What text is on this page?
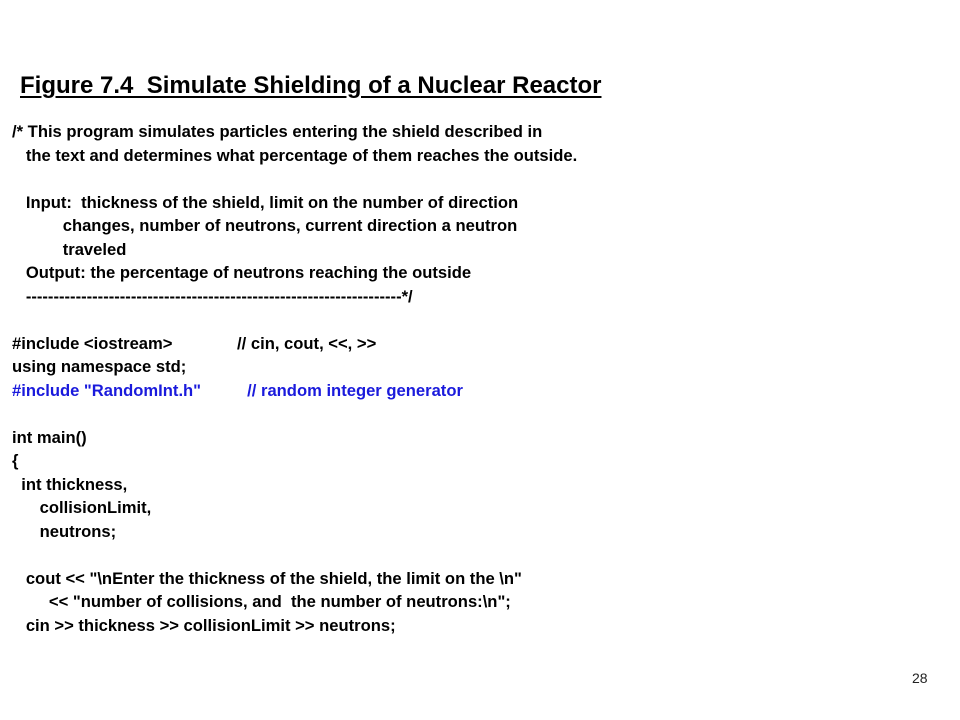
Figure 7.4  Simulate Shielding of a Nuclear Reactor
/* This program simulates particles entering the shield described in
the text and determines what percentage of them reaches the outside.
Input:  thickness of the shield, limit on the number of direction
changes, number of neutrons, current direction a neutron
traveled
Output: the percentage of neutrons reaching the outside
--------------------------------------------------------------------*/
#include <iostream>              // cin, cout, <<, >>
using namespace std;
#include "RandomInt.h"          // random integer generator
int main()
{
int thickness,
collisionLimit,
neutrons;
cout << "\nEnter the thickness of the shield, the limit on the \n"
<< "number of collisions, and  the number of neutrons:\n";
cin >> thickness >> collisionLimit >> neutrons;
28
